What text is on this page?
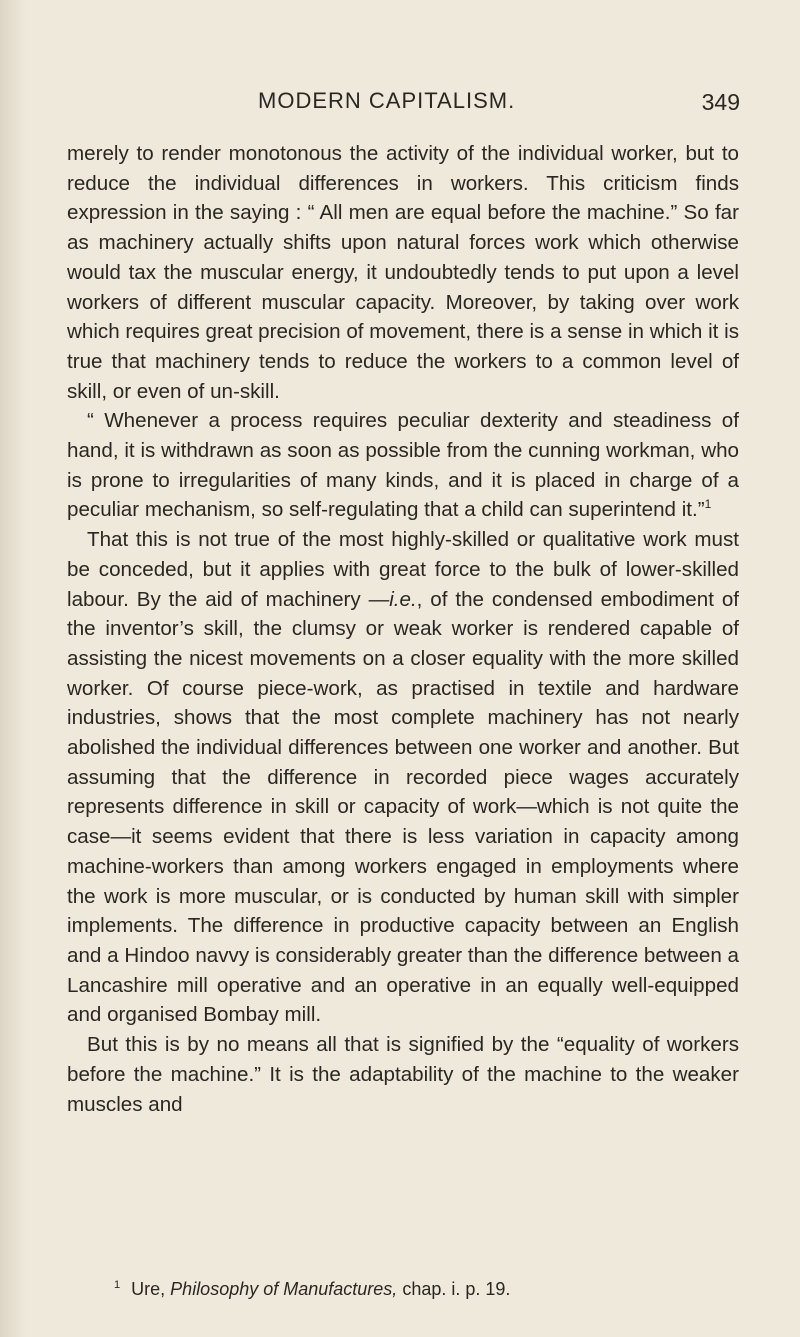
MODERN CAPITALISM.	349

merely to render monotonous the activity of the individual worker, but to reduce the individual differences in workers. This criticism finds expression in the saying : “ All men are equal before the machine.” So far as machinery actually shifts upon natural forces work which otherwise would tax the muscular energy, it undoubtedly tends to put upon a level workers of different muscular capacity. Moreover, by taking over work which requires great precision of movement, there is a sense in which it is true that machinery tends to reduce the workers to a common level of skill, or even of un-skill.

“ Whenever a process requires peculiar dexterity and steadiness of hand, it is withdrawn as soon as possible from the cunning workman, who is prone to irregularities of many kinds, and it is placed in charge of a peculiar mechanism, so self-regulating that a child can superintend it.”$^1$

That this is not true of the most highly-skilled or qualitative work must be conceded, but it applies with great force to the bulk of lower-skilled labour. By the aid of machinery —i.e., of the condensed embodiment of the inventor’s skill, the clumsy or weak worker is rendered capable of assisting the nicest movements on a closer equality with the more skilled worker. Of course piece-work, as practised in textile and hardware industries, shows that the most complete machinery has not nearly abolished the individual differences between one worker and another. But assuming that the difference in recorded piece wages accurately represents difference in skill or capacity of work—which is not quite the case—it seems evident that there is less variation in capacity among machine-workers than among workers engaged in employments where the work is more muscular, or is conducted by human skill with simpler implements. The difference in productive capacity between an English and a Hindoo navvy is considerably greater than the difference between a Lancashire mill operative and an operative in an equally well-equipped and organised Bombay mill.

But this is by no means all that is signified by the “equality of workers before the machine.” It is the adaptability of the machine to the weaker muscles and

$^1$ Ure, Philosophy of Manufactures, chap. i. p. 19.
